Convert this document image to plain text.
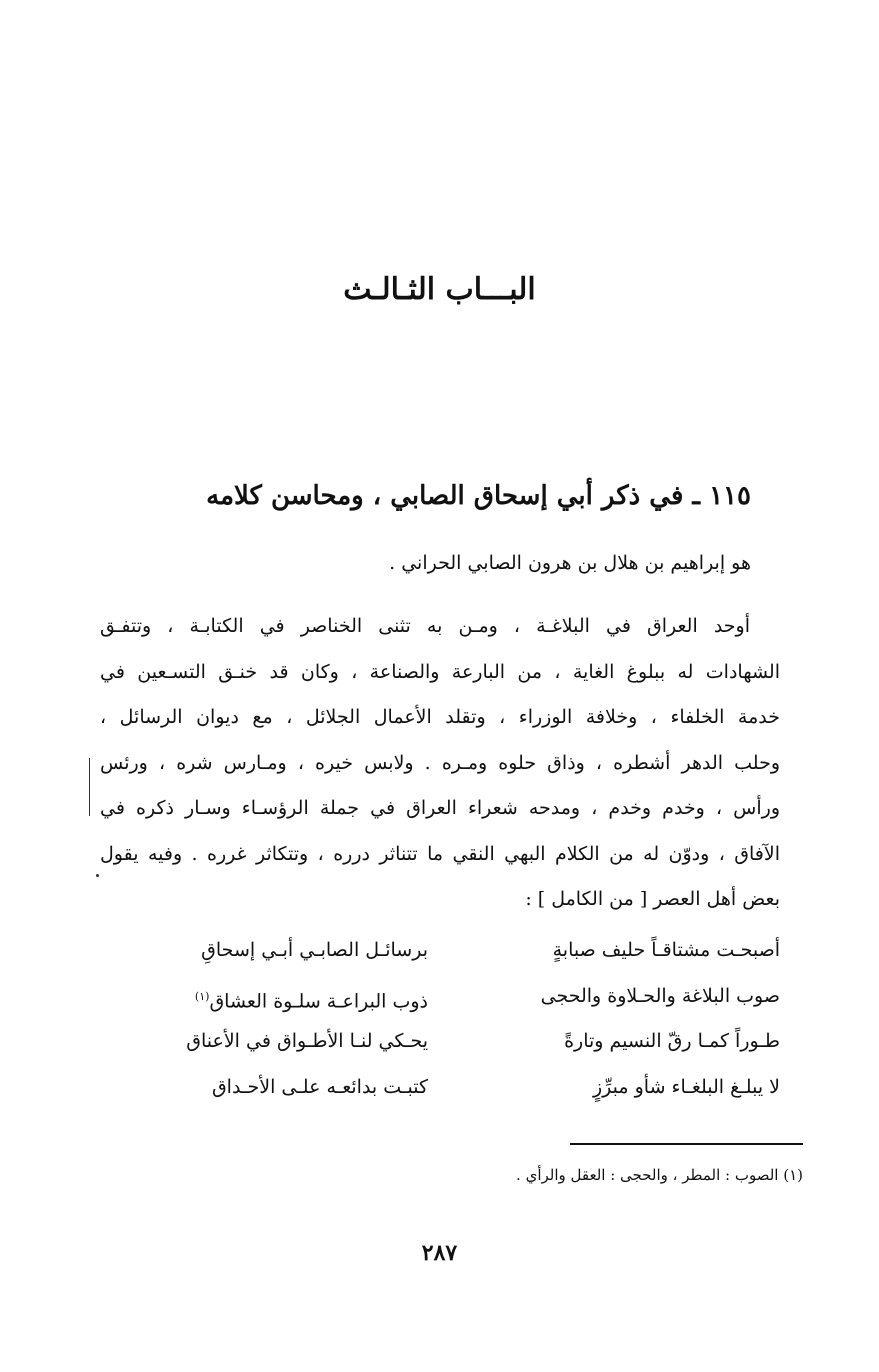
البـــاب الثـالـث
١١٥ ـ في ذكر أبي إسحاق الصابي ، ومحاسن كلامه
هو إبراهيم بن هلال بن هرون الصابي الحراني .
أوحد العراق في البلاغـة ، ومـن به تثنى الخناصر في الكتابـة ، وتتفـق
الشهادات له ببلوغ الغاية ، من البارعة والصناعة ، وكان قد خنـق التسـعين في
خدمة الخلفاء ، وخلافة الوزراء ، وتقلد الأعمال الجلائل ، مع ديوان الرسائل ،
وحلب الدهر أشطره ، وذاق حلوه ومـره . ولابس خيره ، ومـارس شره ، ورئس
ورأس ، وخدم وخدم ، ومدحه شعراء العراق في جملة الرؤسـاء وسـار ذكره في
الآفاق ، ودوّن له من الكلام البهي النقي ما تتناثر درره ، وتتكاثر غرره . وفيه يقول
بعض أهل العصر [ من الكامل ] :
أصبحـت مشتاقـاً حليف صبابةٍ
برسائـل الصابـي أبـي إسحاقِ
صوب البلاغة والحـلاوة والحجى
ذوب البراعـة سلـوة العشاق$^{(١)}$
طـوراً كمـا رقّ النسيم وتارةً
يحـكي لنـا الأطـواق في الأعناق
لا يبلـغ البلغـاء شأو مبرِّزٍ
كتبـت بدائعـه علـى الأحـداق
(١) الصوب : المطر ، والحجى : العقل والرأي .
٢٨٧
